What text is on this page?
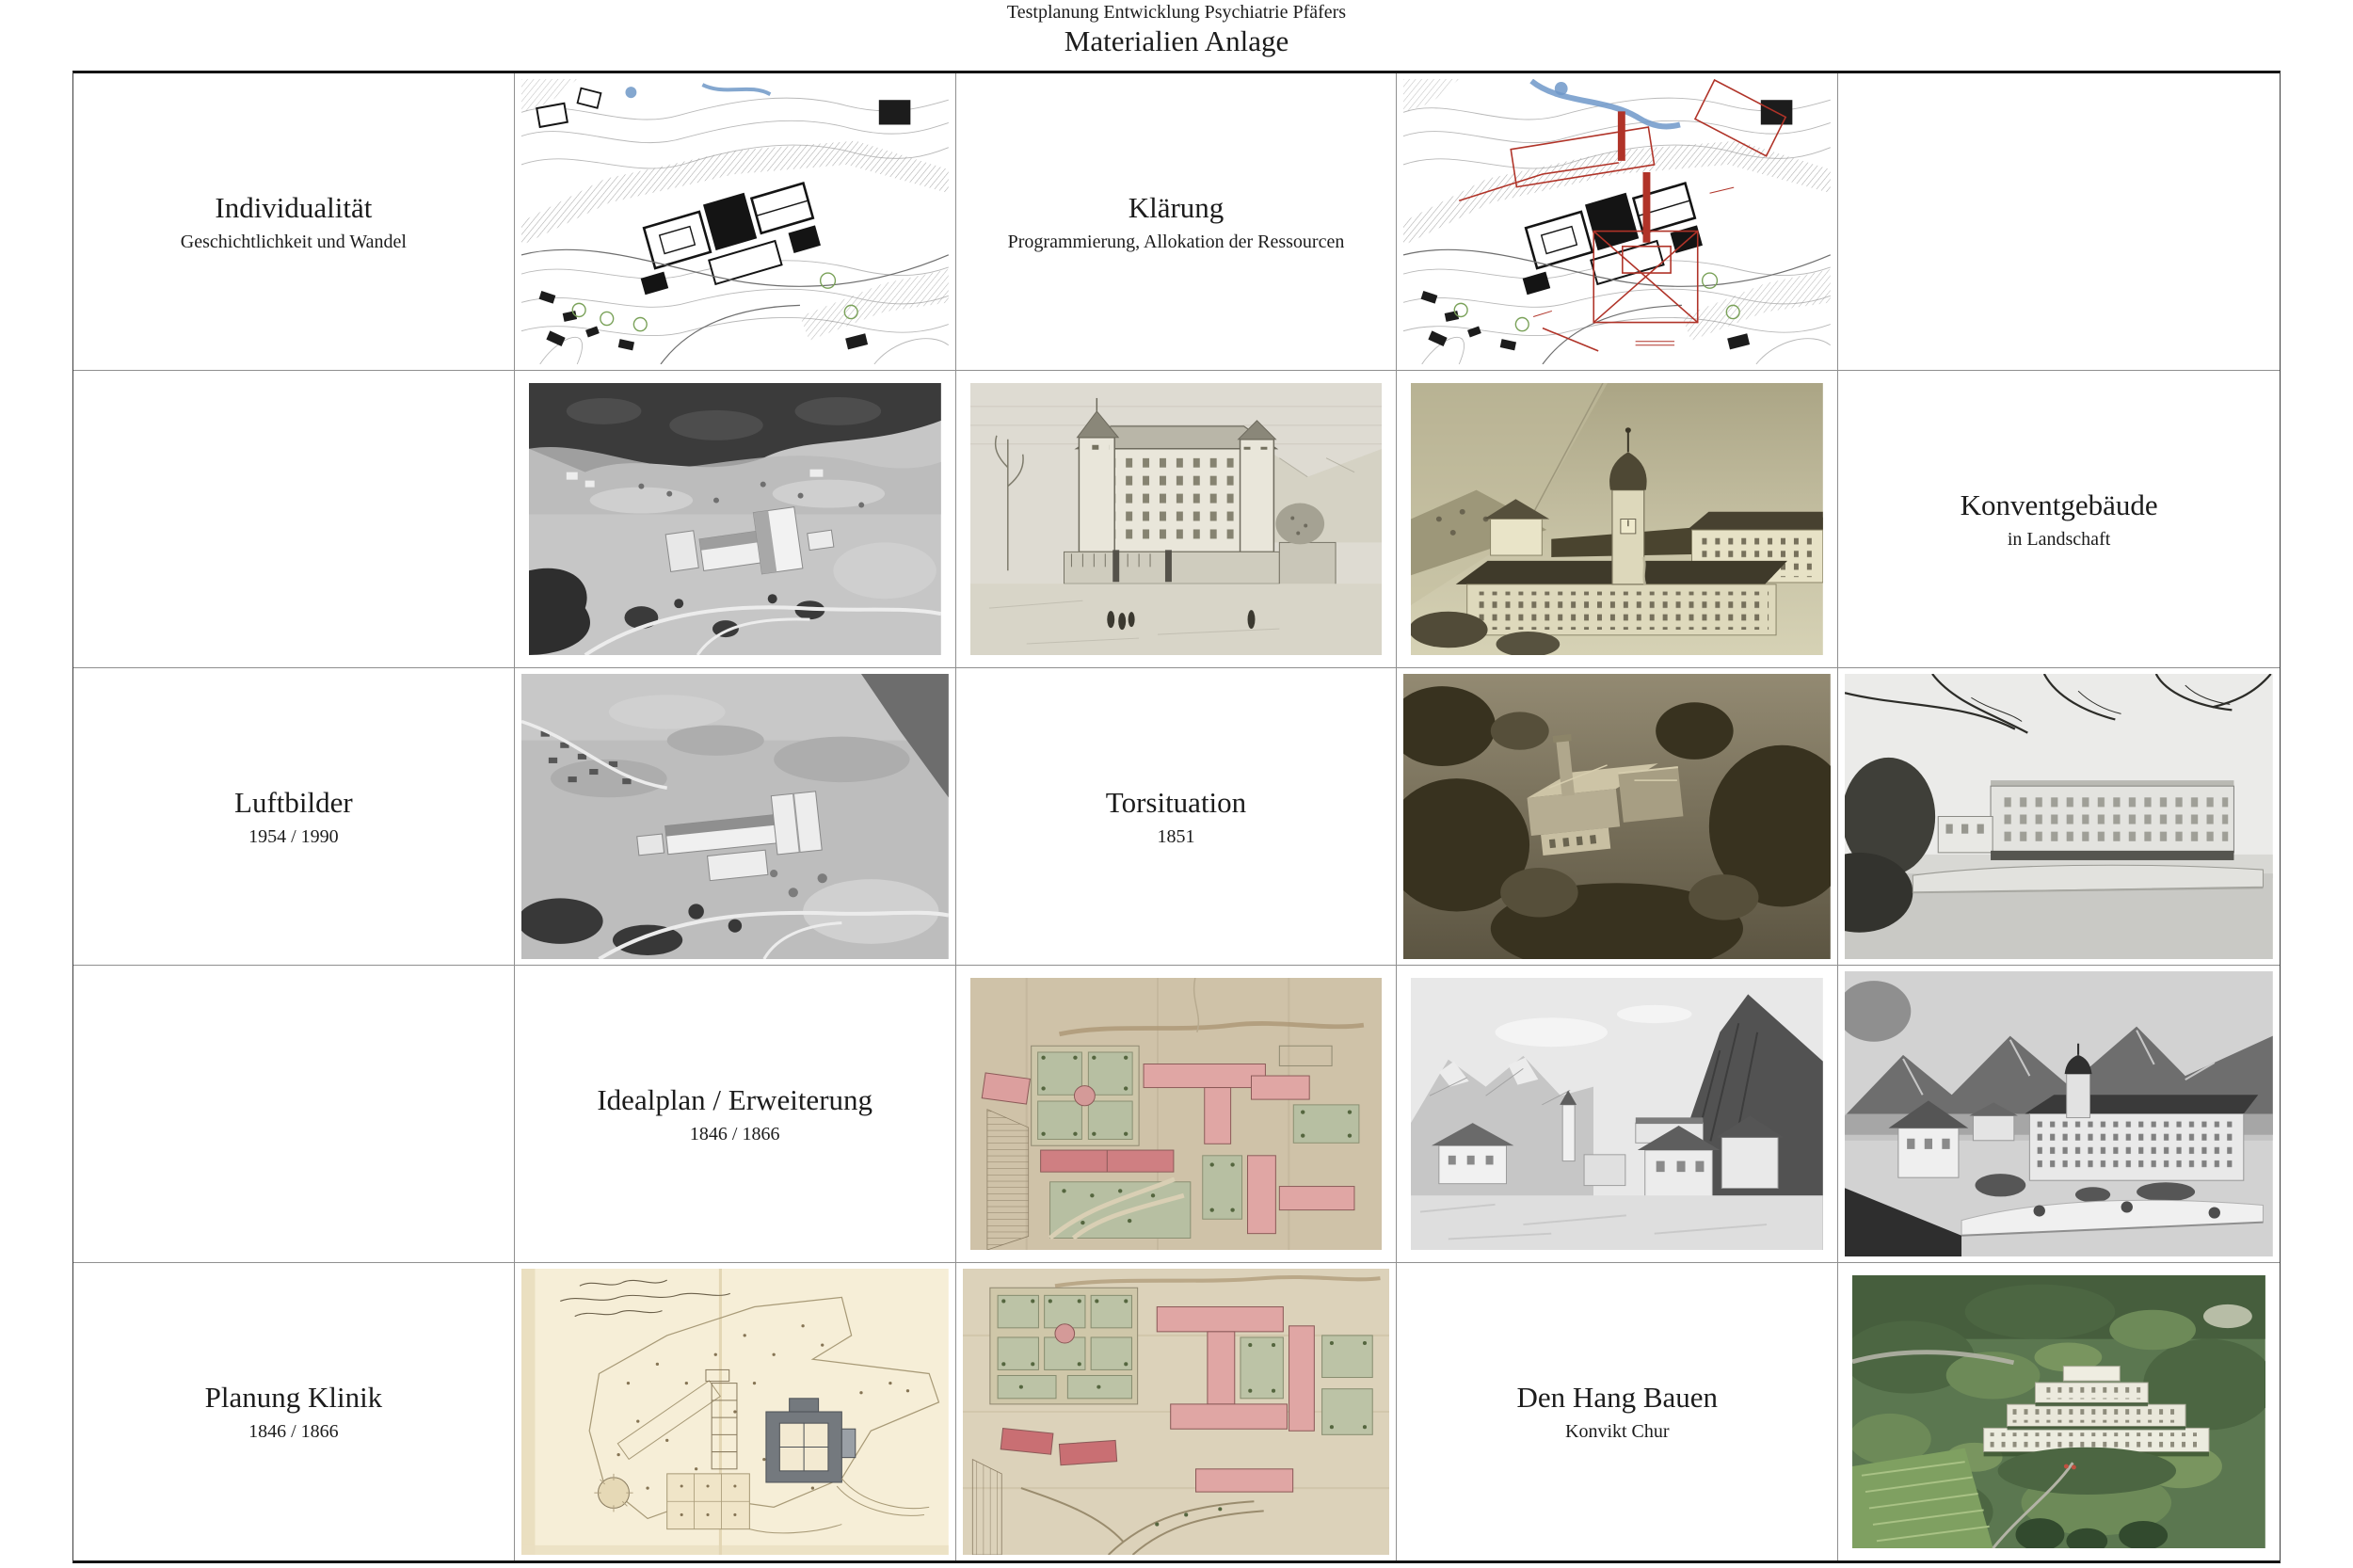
Testplanung Entwicklung Psychiatrie Pfäfers
Materialien Anlage
Individualität
Geschichtlichkeit und Wandel
Klärung
Programmierung, Allokation der Ressourcen
Konventgebäude
in Landschaft
Luftbilder
1954 / 1990
Torsituation
1851
Idealplan / Erweiterung
1846 / 1866
Planung Klinik
1846 / 1866
Den Hang Bauen
Konvikt Chur
